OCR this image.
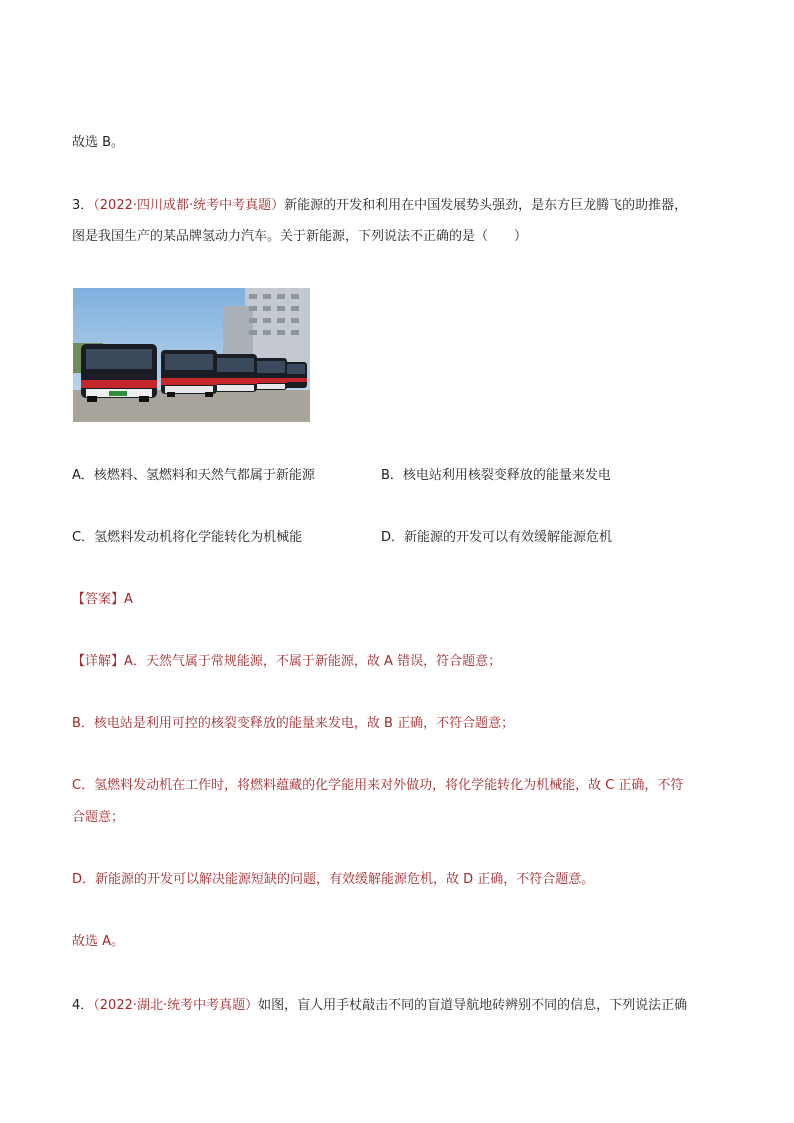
故选 B。
3．（2022·四川成都·统考中考真题）新能源的开发和利用在中国发展势头强劲，是东方巨龙腾飞的助推器，
图是我国生产的某品牌氢动力汽车。关于新能源，下列说法不正确的是（　　）
A．核燃料、氢燃料和天然气都属于新能源	B．核电站利用核裂变释放的能量来发电
C．氢燃料发动机将化学能转化为机械能	D．新能源的开发可以有效缓解能源危机
【答案】A
【详解】A．天然气属于常规能源，不属于新能源，故 A 错误，符合题意；
B．核电站是利用可控的核裂变释放的能量来发电，故 B 正确，不符合题意；
C．氢燃料发动机在工作时，将燃料蕴藏的化学能用来对外做功，将化学能转化为机械能，故 C 正确，不符
合题意；
D．新能源的开发可以解决能源短缺的问题，有效缓解能源危机，故 D 正确，不符合题意。
故选 A。
4．（2022·湖北·统考中考真题）如图，盲人用手杖敲击不同的盲道导航地砖辨别不同的信息，下列说法正确
